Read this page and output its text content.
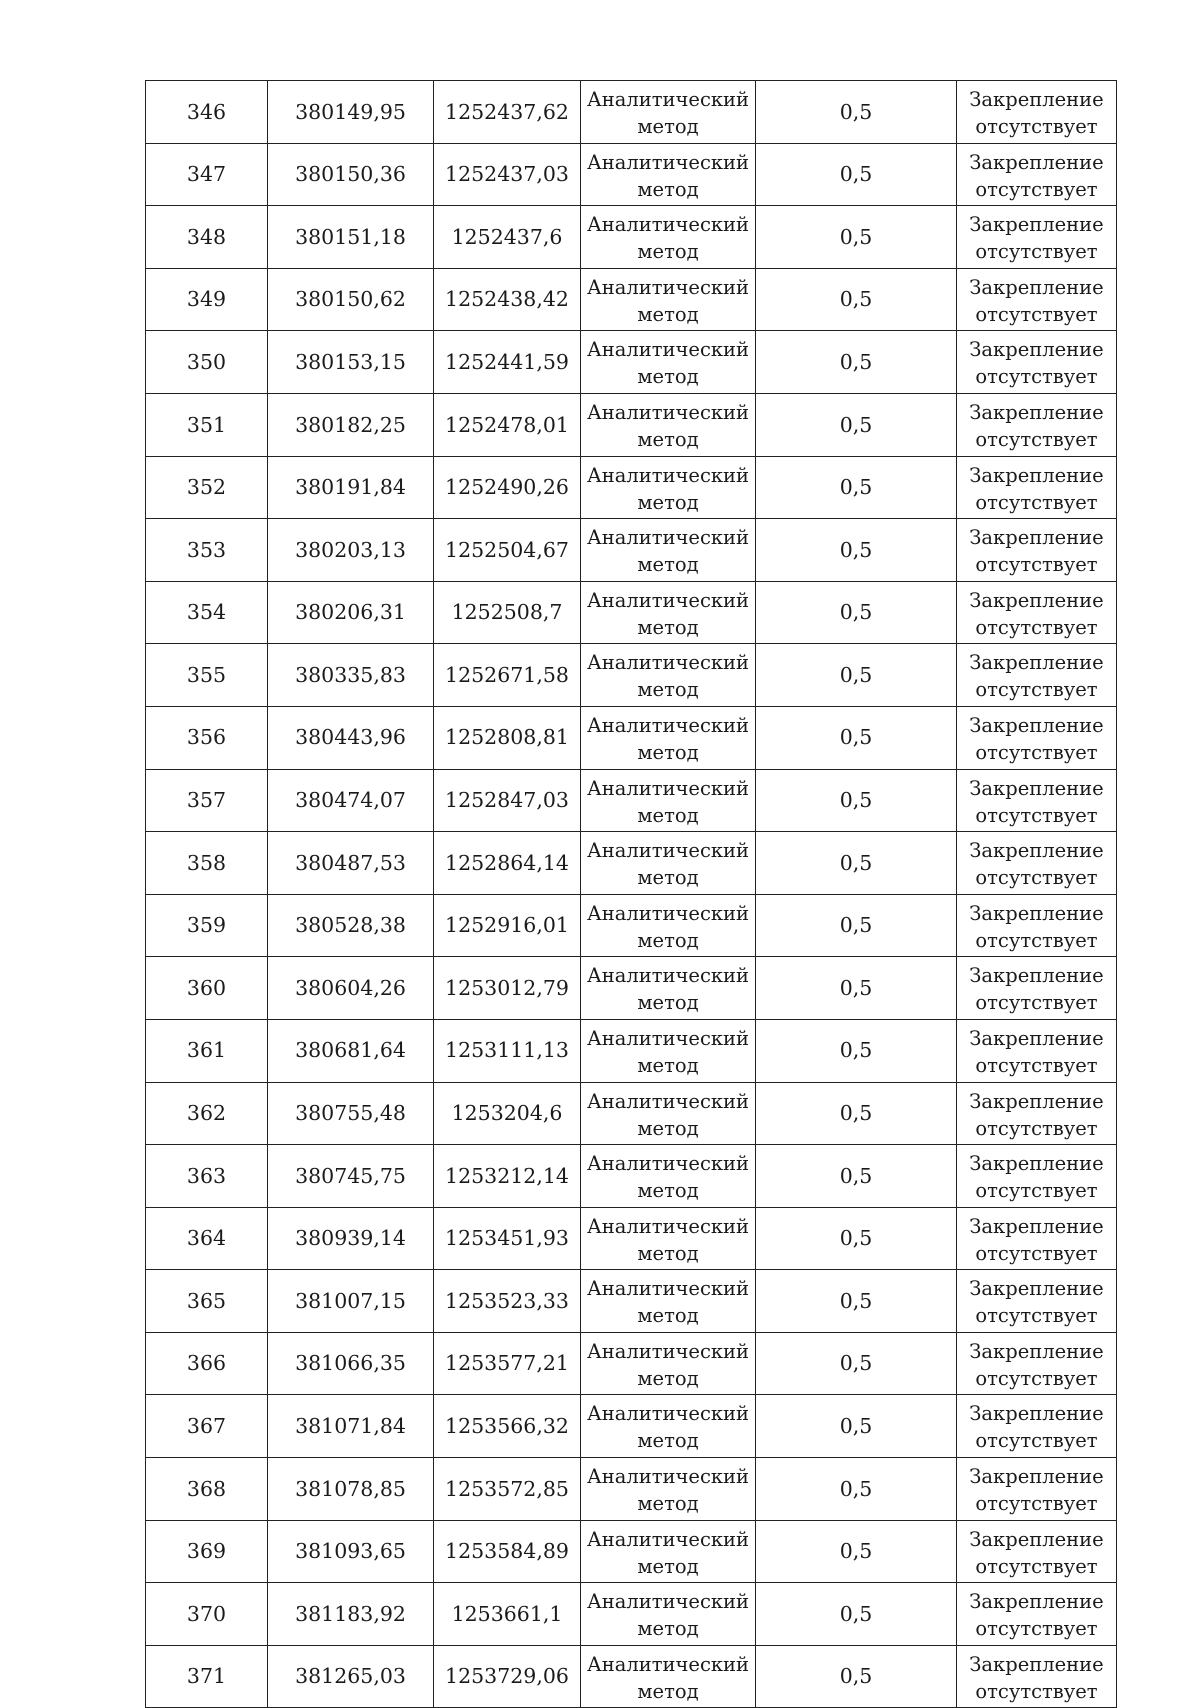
346	380149,95	1252437,62	Аналитический метод	0,5	Закрепление отсутствует
347	380150,36	1252437,03	Аналитический метод	0,5	Закрепление отсутствует
348	380151,18	1252437,6	Аналитический метод	0,5	Закрепление отсутствует
349	380150,62	1252438,42	Аналитический метод	0,5	Закрепление отсутствует
350	380153,15	1252441,59	Аналитический метод	0,5	Закрепление отсутствует
351	380182,25	1252478,01	Аналитический метод	0,5	Закрепление отсутствует
352	380191,84	1252490,26	Аналитический метод	0,5	Закрепление отсутствует
353	380203,13	1252504,67	Аналитический метод	0,5	Закрепление отсутствует
354	380206,31	1252508,7	Аналитический метод	0,5	Закрепление отсутствует
355	380335,83	1252671,58	Аналитический метод	0,5	Закрепление отсутствует
356	380443,96	1252808,81	Аналитический метод	0,5	Закрепление отсутствует
357	380474,07	1252847,03	Аналитический метод	0,5	Закрепление отсутствует
358	380487,53	1252864,14	Аналитический метод	0,5	Закрепление отсутствует
359	380528,38	1252916,01	Аналитический метод	0,5	Закрепление отсутствует
360	380604,26	1253012,79	Аналитический метод	0,5	Закрепление отсутствует
361	380681,64	1253111,13	Аналитический метод	0,5	Закрепление отсутствует
362	380755,48	1253204,6	Аналитический метод	0,5	Закрепление отсутствует
363	380745,75	1253212,14	Аналитический метод	0,5	Закрепление отсутствует
364	380939,14	1253451,93	Аналитический метод	0,5	Закрепление отсутствует
365	381007,15	1253523,33	Аналитический метод	0,5	Закрепление отсутствует
366	381066,35	1253577,21	Аналитический метод	0,5	Закрепление отсутствует
367	381071,84	1253566,32	Аналитический метод	0,5	Закрепление отсутствует
368	381078,85	1253572,85	Аналитический метод	0,5	Закрепление отсутствует
369	381093,65	1253584,89	Аналитический метод	0,5	Закрепление отсутствует
370	381183,92	1253661,1	Аналитический метод	0,5	Закрепление отсутствует
371	381265,03	1253729,06	Аналитический метод	0,5	Закрепление отсутствует
